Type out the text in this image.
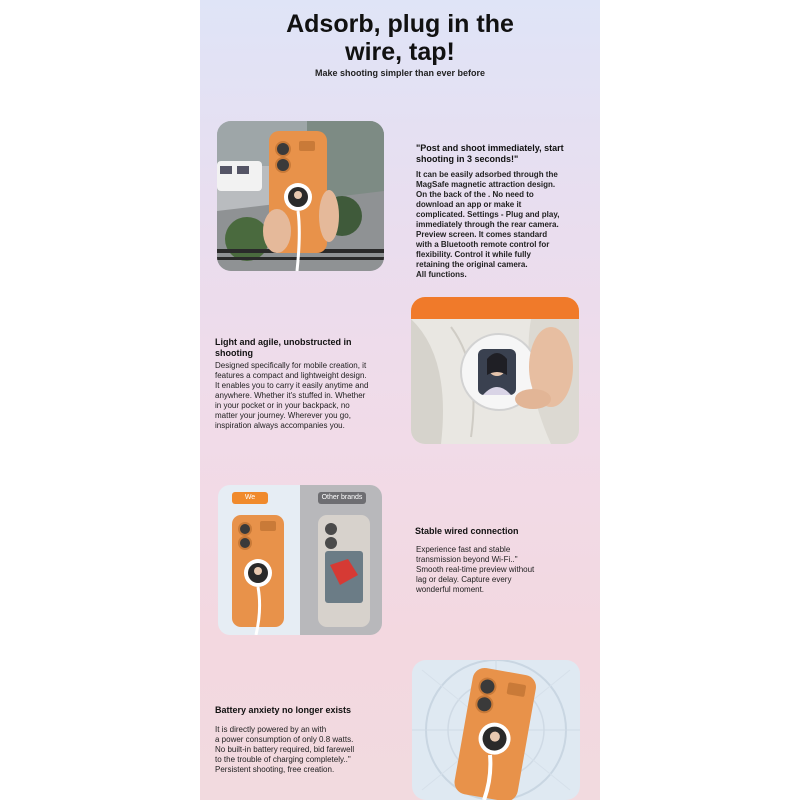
Adsorb, plug in the
wire, tap!
Make shooting simpler than ever before
"Post and shoot immediately, start
shooting in 3 seconds!"
It can be easily adsorbed through the
MagSafe magnetic attraction design.
On the back of the . No need to
download an app or make it
complicated. Settings - Plug and play,
immediately through the rear camera.
Preview screen. It comes standard
with a Bluetooth remote control for
flexibility. Control it while fully
retaining the original camera.
All functions.
Light and agile, unobstructed in
shooting
Designed specifically for mobile creation, it
features a compact and lightweight design.
It enables you to carry it easily anytime and
anywhere. Whether it's stuffed in. Whether
in your pocket or in your backpack, no
matter your journey. Wherever you go,
inspiration always accompanies you.
We	Other brands
Stable wired connection
Experience fast and stable
transmission beyond Wi-Fi.."
Smooth real-time preview without
lag or delay. Capture every
wonderful moment.
Battery anxiety no longer exists
It is directly powered by an with
a power consumption of only 0.8 watts.
No built-in battery required, bid farewell
to the trouble of charging completely.."
Persistent shooting, free creation.
